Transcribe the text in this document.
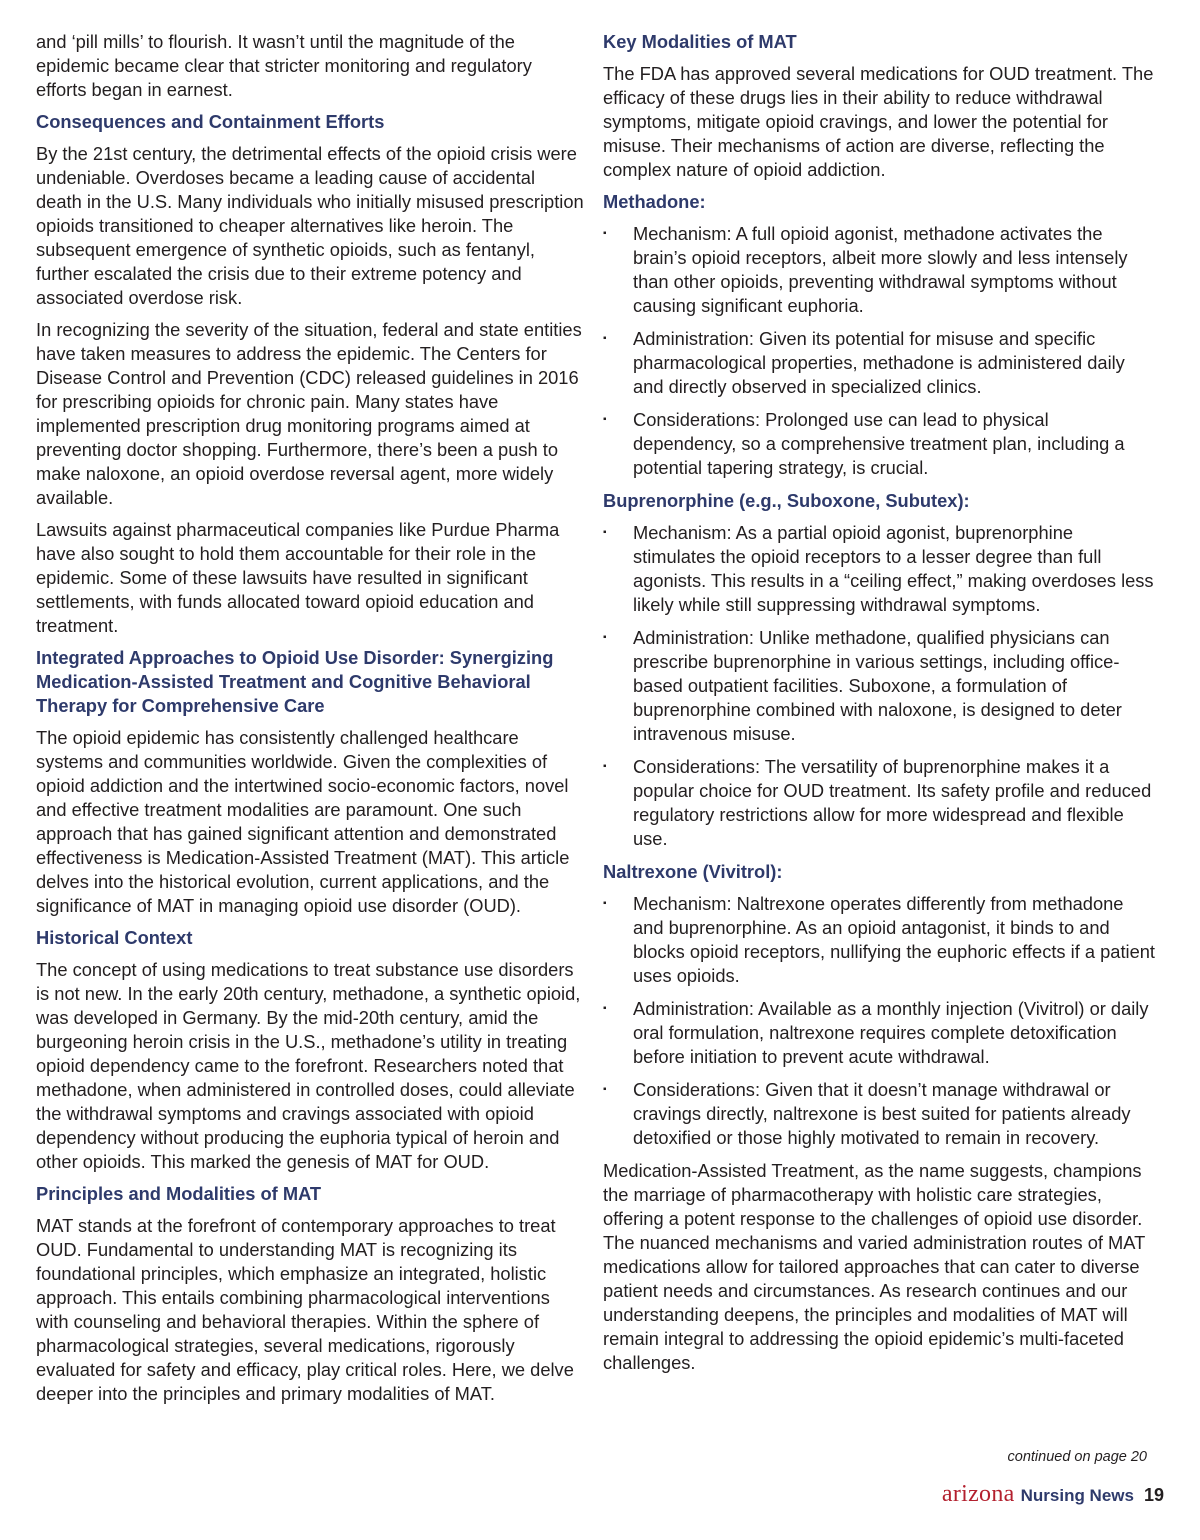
and ‘pill mills’ to flourish. It wasn’t until the magnitude of the epidemic became clear that stricter monitoring and regulatory efforts began in earnest.

Consequences and Containment Efforts

By the 21st century, the detrimental effects of the opioid crisis were undeniable. Overdoses became a leading cause of accidental death in the U.S. Many individuals who initially misused prescription opioids transitioned to cheaper alternatives like heroin. The subsequent emergence of synthetic opioids, such as fentanyl, further escalated the crisis due to their extreme potency and associated overdose risk.

In recognizing the severity of the situation, federal and state entities have taken measures to address the epidemic. The Centers for Disease Control and Prevention (CDC) released guidelines in 2016 for prescribing opioids for chronic pain. Many states have implemented prescription drug monitoring programs aimed at preventing doctor shopping. Furthermore, there’s been a push to make naloxone, an opioid overdose reversal agent, more widely available.

Lawsuits against pharmaceutical companies like Purdue Pharma have also sought to hold them accountable for their role in the epidemic. Some of these lawsuits have resulted in significant settlements, with funds allocated toward opioid education and treatment.

Integrated Approaches to Opioid Use Disorder: Synergizing Medication-Assisted Treatment and Cognitive Behavioral Therapy for Comprehensive Care

The opioid epidemic has consistently challenged healthcare systems and communities worldwide. Given the complexities of opioid addiction and the intertwined socio-economic factors, novel and effective treatment modalities are paramount. One such approach that has gained significant attention and demonstrated effectiveness is Medication-Assisted Treatment (MAT). This article delves into the historical evolution, current applications, and the significance of MAT in managing opioid use disorder (OUD).

Historical Context

The concept of using medications to treat substance use disorders is not new. In the early 20th century, methadone, a synthetic opioid, was developed in Germany. By the mid-20th century, amid the burgeoning heroin crisis in the U.S., methadone’s utility in treating opioid dependency came to the forefront. Researchers noted that methadone, when administered in controlled doses, could alleviate the withdrawal symptoms and cravings associated with opioid dependency without producing the euphoria typical of heroin and other opioids. This marked the genesis of MAT for OUD.

Principles and Modalities of MAT

MAT stands at the forefront of contemporary approaches to treat OUD. Fundamental to understanding MAT is recognizing its foundational principles, which emphasize an integrated, holistic approach. This entails combining pharmacological interventions with counseling and behavioral therapies. Within the sphere of pharmacological strategies, several medications, rigorously evaluated for safety and efficacy, play critical roles. Here, we delve deeper into the principles and primary modalities of MAT.

Key Modalities of MAT

The FDA has approved several medications for OUD treatment. The efficacy of these drugs lies in their ability to reduce withdrawal symptoms, mitigate opioid cravings, and lower the potential for misuse. Their mechanisms of action are diverse, reflecting the complex nature of opioid addiction.

Methadone:
▪ Mechanism: A full opioid agonist, methadone activates the brain’s opioid receptors, albeit more slowly and less intensely than other opioids, preventing withdrawal symptoms without causing significant euphoria.
▪ Administration: Given its potential for misuse and specific pharmacological properties, methadone is administered daily and directly observed in specialized clinics.
▪ Considerations: Prolonged use can lead to physical dependency, so a comprehensive treatment plan, including a potential tapering strategy, is crucial.
Buprenorphine (e.g., Suboxone, Subutex):
▪ Mechanism: As a partial opioid agonist, buprenorphine stimulates the opioid receptors to a lesser degree than full agonists. This results in a “ceiling effect,” making overdoses less likely while still suppressing withdrawal symptoms.
▪ Administration: Unlike methadone, qualified physicians can prescribe buprenorphine in various settings, including office-based outpatient facilities. Suboxone, a formulation of buprenorphine combined with naloxone, is designed to deter intravenous misuse.
▪ Considerations: The versatility of buprenorphine makes it a popular choice for OUD treatment. Its safety profile and reduced regulatory restrictions allow for more widespread and flexible use.
Naltrexone (Vivitrol):
▪ Mechanism: Naltrexone operates differently from methadone and buprenorphine. As an opioid antagonist, it binds to and blocks opioid receptors, nullifying the euphoric effects if a patient uses opioids.
▪ Administration: Available as a monthly injection (Vivitrol) or daily oral formulation, naltrexone requires complete detoxification before initiation to prevent acute withdrawal.
▪ Considerations: Given that it doesn’t manage withdrawal or cravings directly, naltrexone is best suited for patients already detoxified or those highly motivated to remain in recovery.

Medication-Assisted Treatment, as the name suggests, champions the marriage of pharmacotherapy with holistic care strategies, offering a potent response to the challenges of opioid use disorder. The nuanced mechanisms and varied administration routes of MAT medications allow for tailored approaches that can cater to diverse patient needs and circumstances. As research continues and our understanding deepens, the principles and modalities of MAT will remain integral to addressing the opioid epidemic’s multi-faceted challenges.

continued on page 20
arizona Nursing News 19
